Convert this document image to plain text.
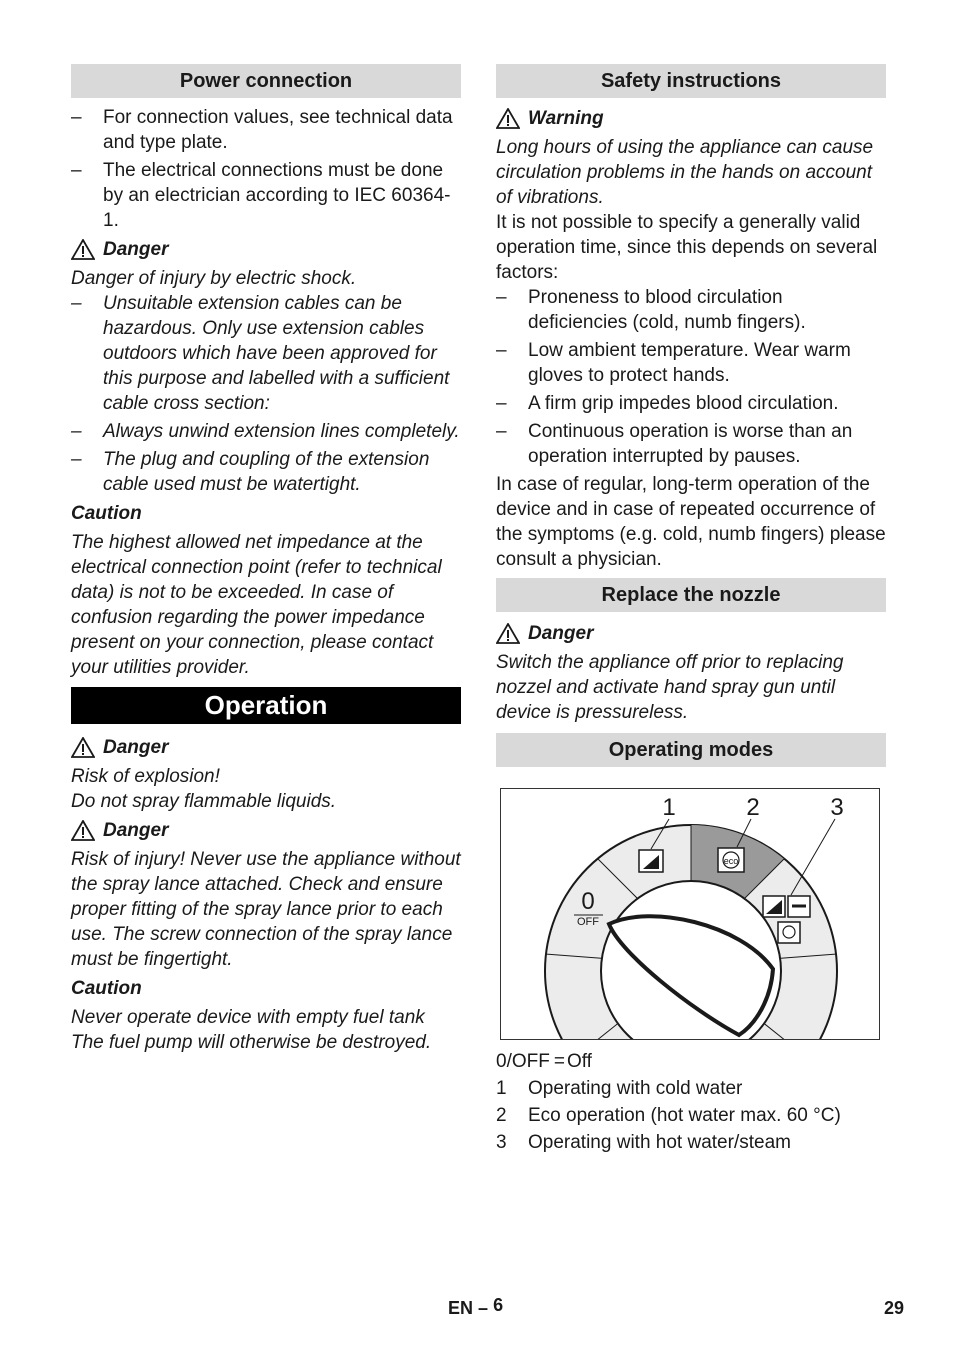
Power connection
–	For connection values, see technical data and type plate.
–	The electrical connections must be done by an electrician according to IEC 60364-1.
Danger

Danger of injury by electric shock.

–	Unsuitable extension cables can be hazardous. Only use extension cables outdoors which have been approved for this purpose and labelled with a sufficient cable cross section:
–	Always unwind extension lines completely.
–	The plug and coupling of the extension cable used must be watertight.
Caution

The highest allowed net impedance at the electrical connection point (refer to technical data) is not to be exceeded. In case of confusion regarding the power impedance present on your connection, please contact your utilities provider.

Operation
Danger

Risk of explosion!

Do not spray flammable liquids.

Danger

Risk of injury! Never use the appliance without the spray lance attached. Check and ensure proper fitting of the spray lance prior to each use. The screw connection of the spray lance must be fingertight.

Caution

Never operate device with empty fuel tank The fuel pump will otherwise be destroyed.

Safety instructions
Warning

Long hours of using the appliance can cause circulation problems in the hands on account of vibrations.

It is not possible to specify a generally valid operation time, since this depends on several factors:

–	Proneness to blood circulation deficiencies (cold, numb fingers).
–	Low ambient temperature. Wear warm gloves to protect hands.
–	A firm grip impedes blood circulation.
–	Continuous operation is worse than an operation interrupted by pauses.

In case of regular, long-term operation of the device and in case of repeated occurrence of the symptoms (e.g. cold, numb fingers) please consult a physician.

Replace the nozzle
Danger

Switch the appliance off prior to replacing nozzel and activate hand spray gun until device is pressureless.

Operating modes
1	2	3
0
OFF
eco
0/OFF = Off
1	Operating with cold water
2	Eco operation (hot water max. 60 °C)
3	Operating with hot water/steam
EN – 6	29
